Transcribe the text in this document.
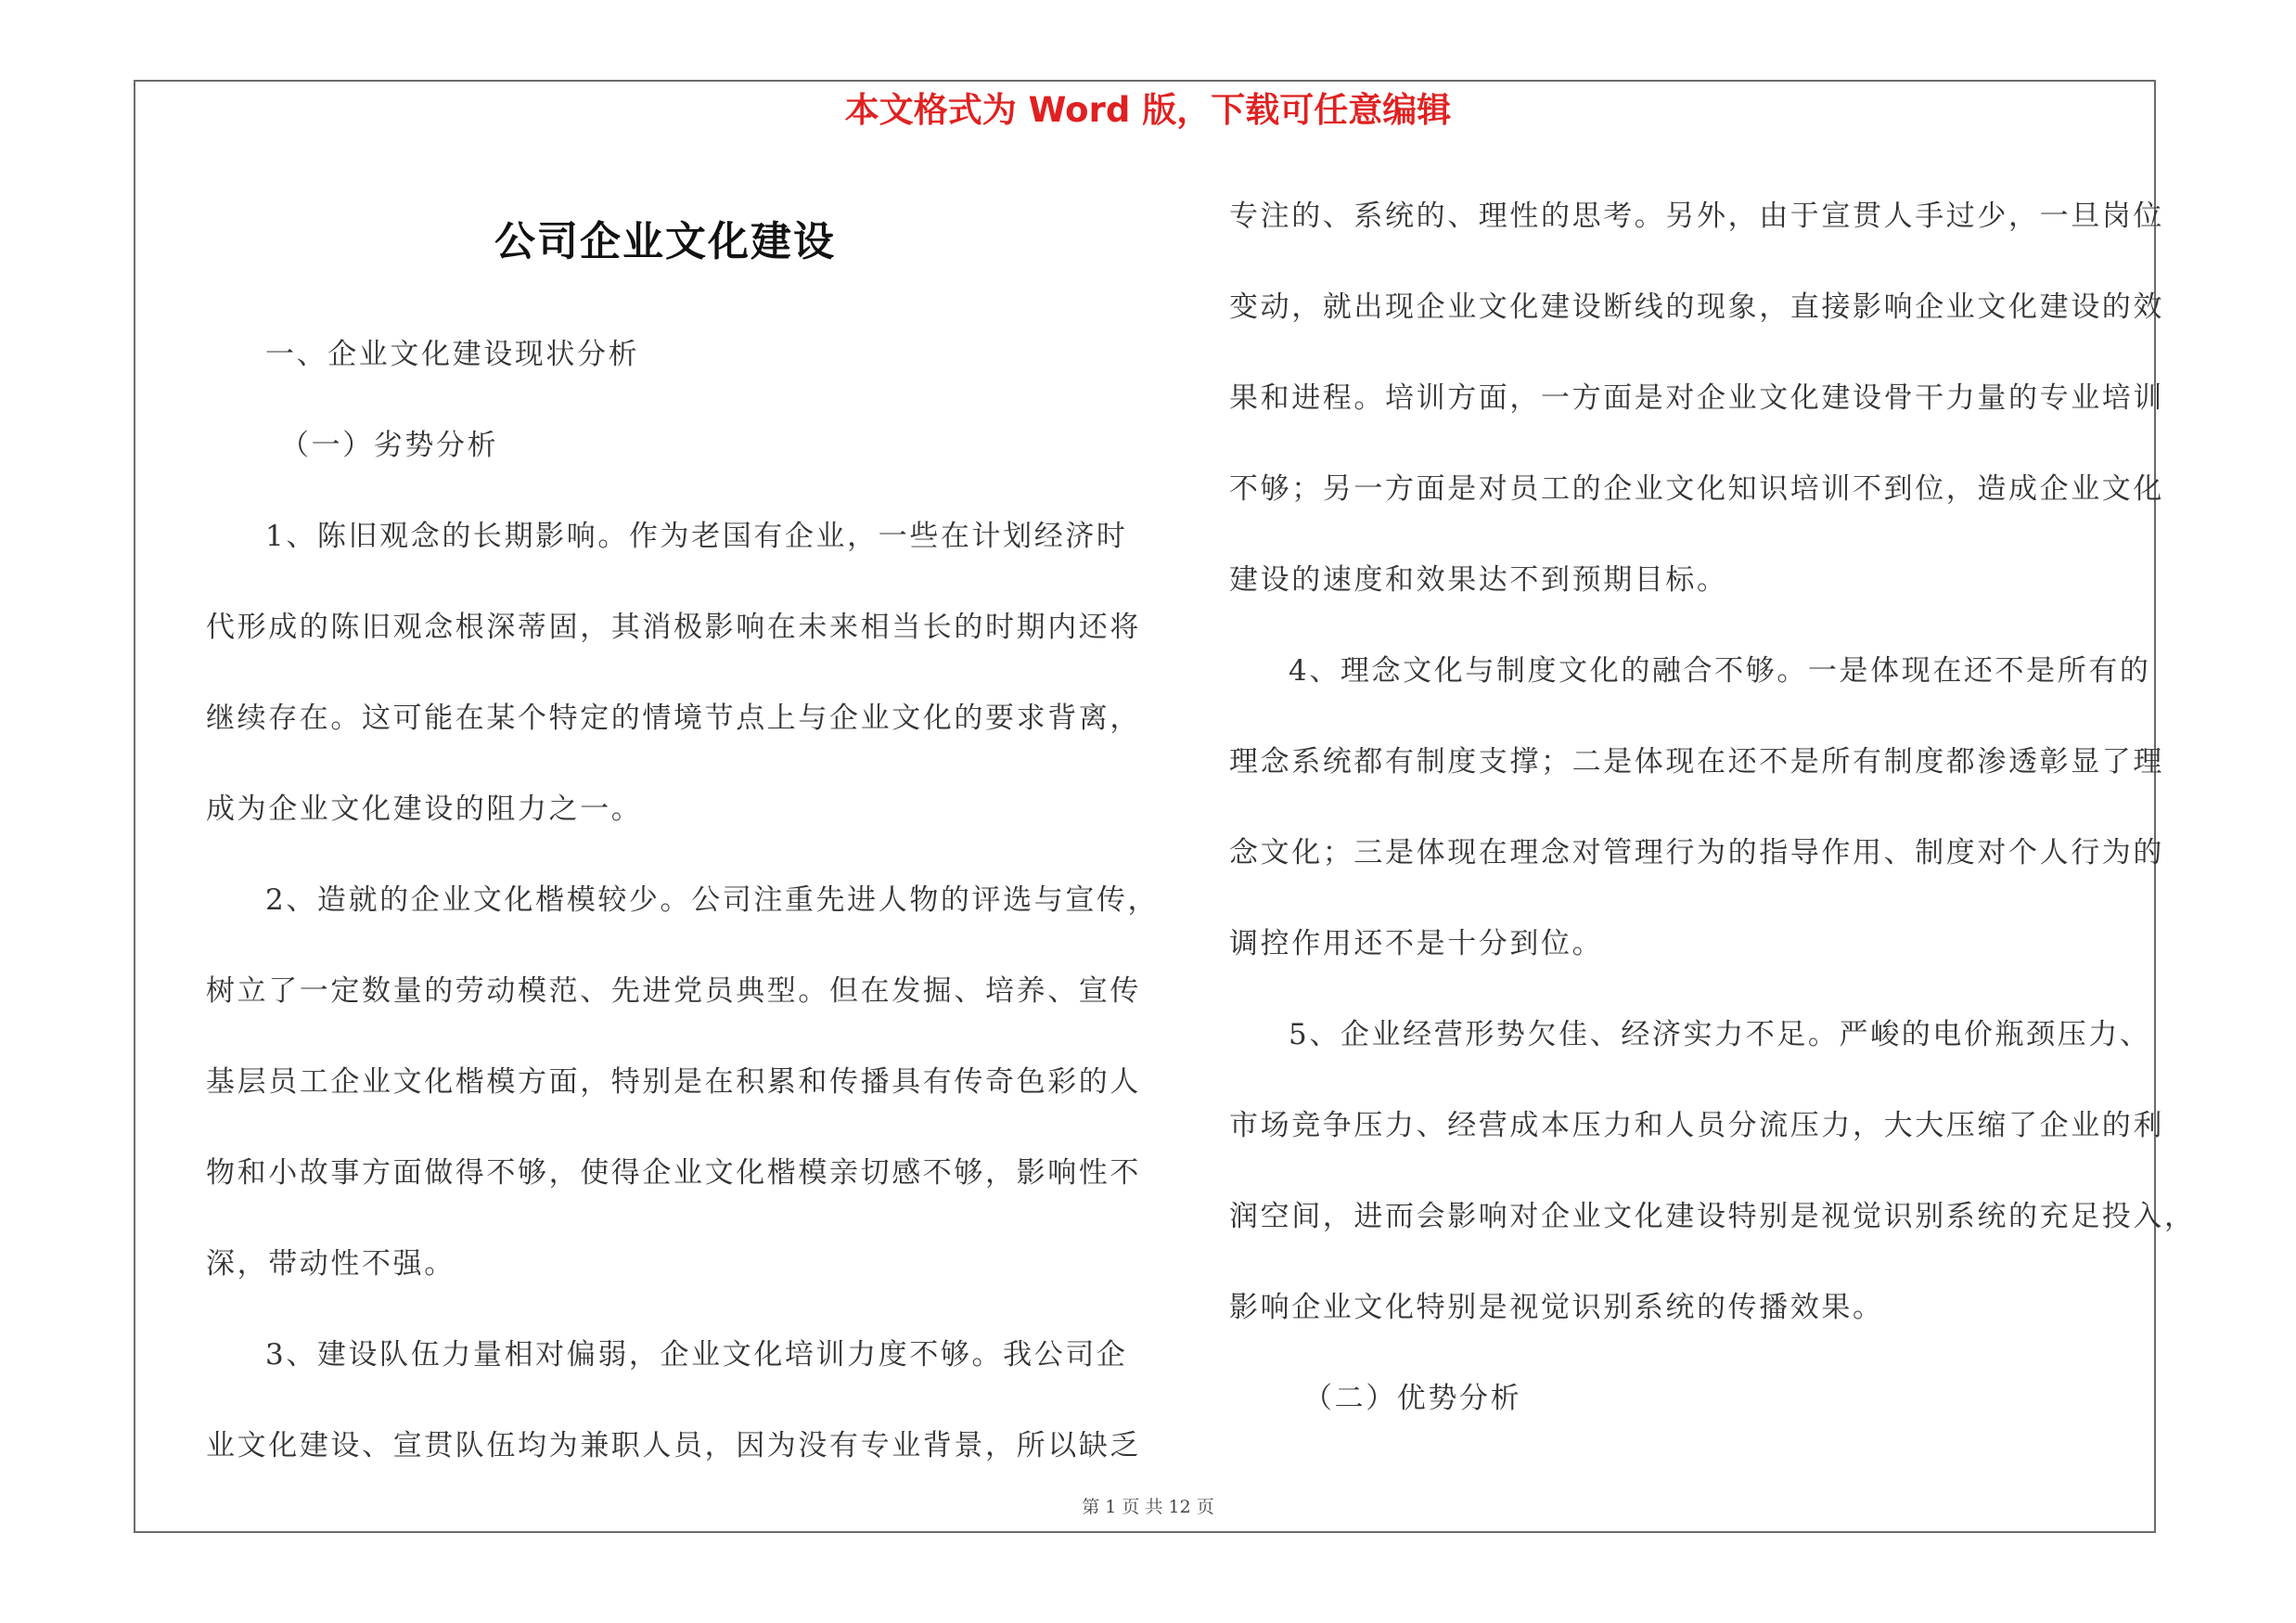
本文格式为 Word 版，下载可任意编辑
公司企业文化建设
一、企业文化建设现状分析
（一）劣势分析
1、陈旧观念的长期影响。作为老国有企业，一些在计划经济时
代形成的陈旧观念根深蒂固，其消极影响在未来相当长的时期内还将
继续存在。这可能在某个特定的情境节点上与企业文化的要求背离，
成为企业文化建设的阻力之一。
2、造就的企业文化楷模较少。公司注重先进人物的评选与宣传，
树立了一定数量的劳动模范、先进党员典型。但在发掘、培养、宣传
基层员工企业文化楷模方面，特别是在积累和传播具有传奇色彩的人
物和小故事方面做得不够，使得企业文化楷模亲切感不够，影响性不
深，带动性不强。
3、建设队伍力量相对偏弱，企业文化培训力度不够。我公司企
业文化建设、宣贯队伍均为兼职人员，因为没有专业背景，所以缺乏
专注的、系统的、理性的思考。另外，由于宣贯人手过少，一旦岗位
变动，就出现企业文化建设断线的现象，直接影响企业文化建设的效
果和进程。培训方面，一方面是对企业文化建设骨干力量的专业培训
不够；另一方面是对员工的企业文化知识培训不到位，造成企业文化
建设的速度和效果达不到预期目标。
4、理念文化与制度文化的融合不够。一是体现在还不是所有的
理念系统都有制度支撑；二是体现在还不是所有制度都渗透彰显了理
念文化；三是体现在理念对管理行为的指导作用、制度对个人行为的
调控作用还不是十分到位。
5、企业经营形势欠佳、经济实力不足。严峻的电价瓶颈压力、
市场竞争压力、经营成本压力和人员分流压力，大大压缩了企业的利
润空间，进而会影响对企业文化建设特别是视觉识别系统的充足投入，
影响企业文化特别是视觉识别系统的传播效果。
（二）优势分析
第 1 页 共 12 页
